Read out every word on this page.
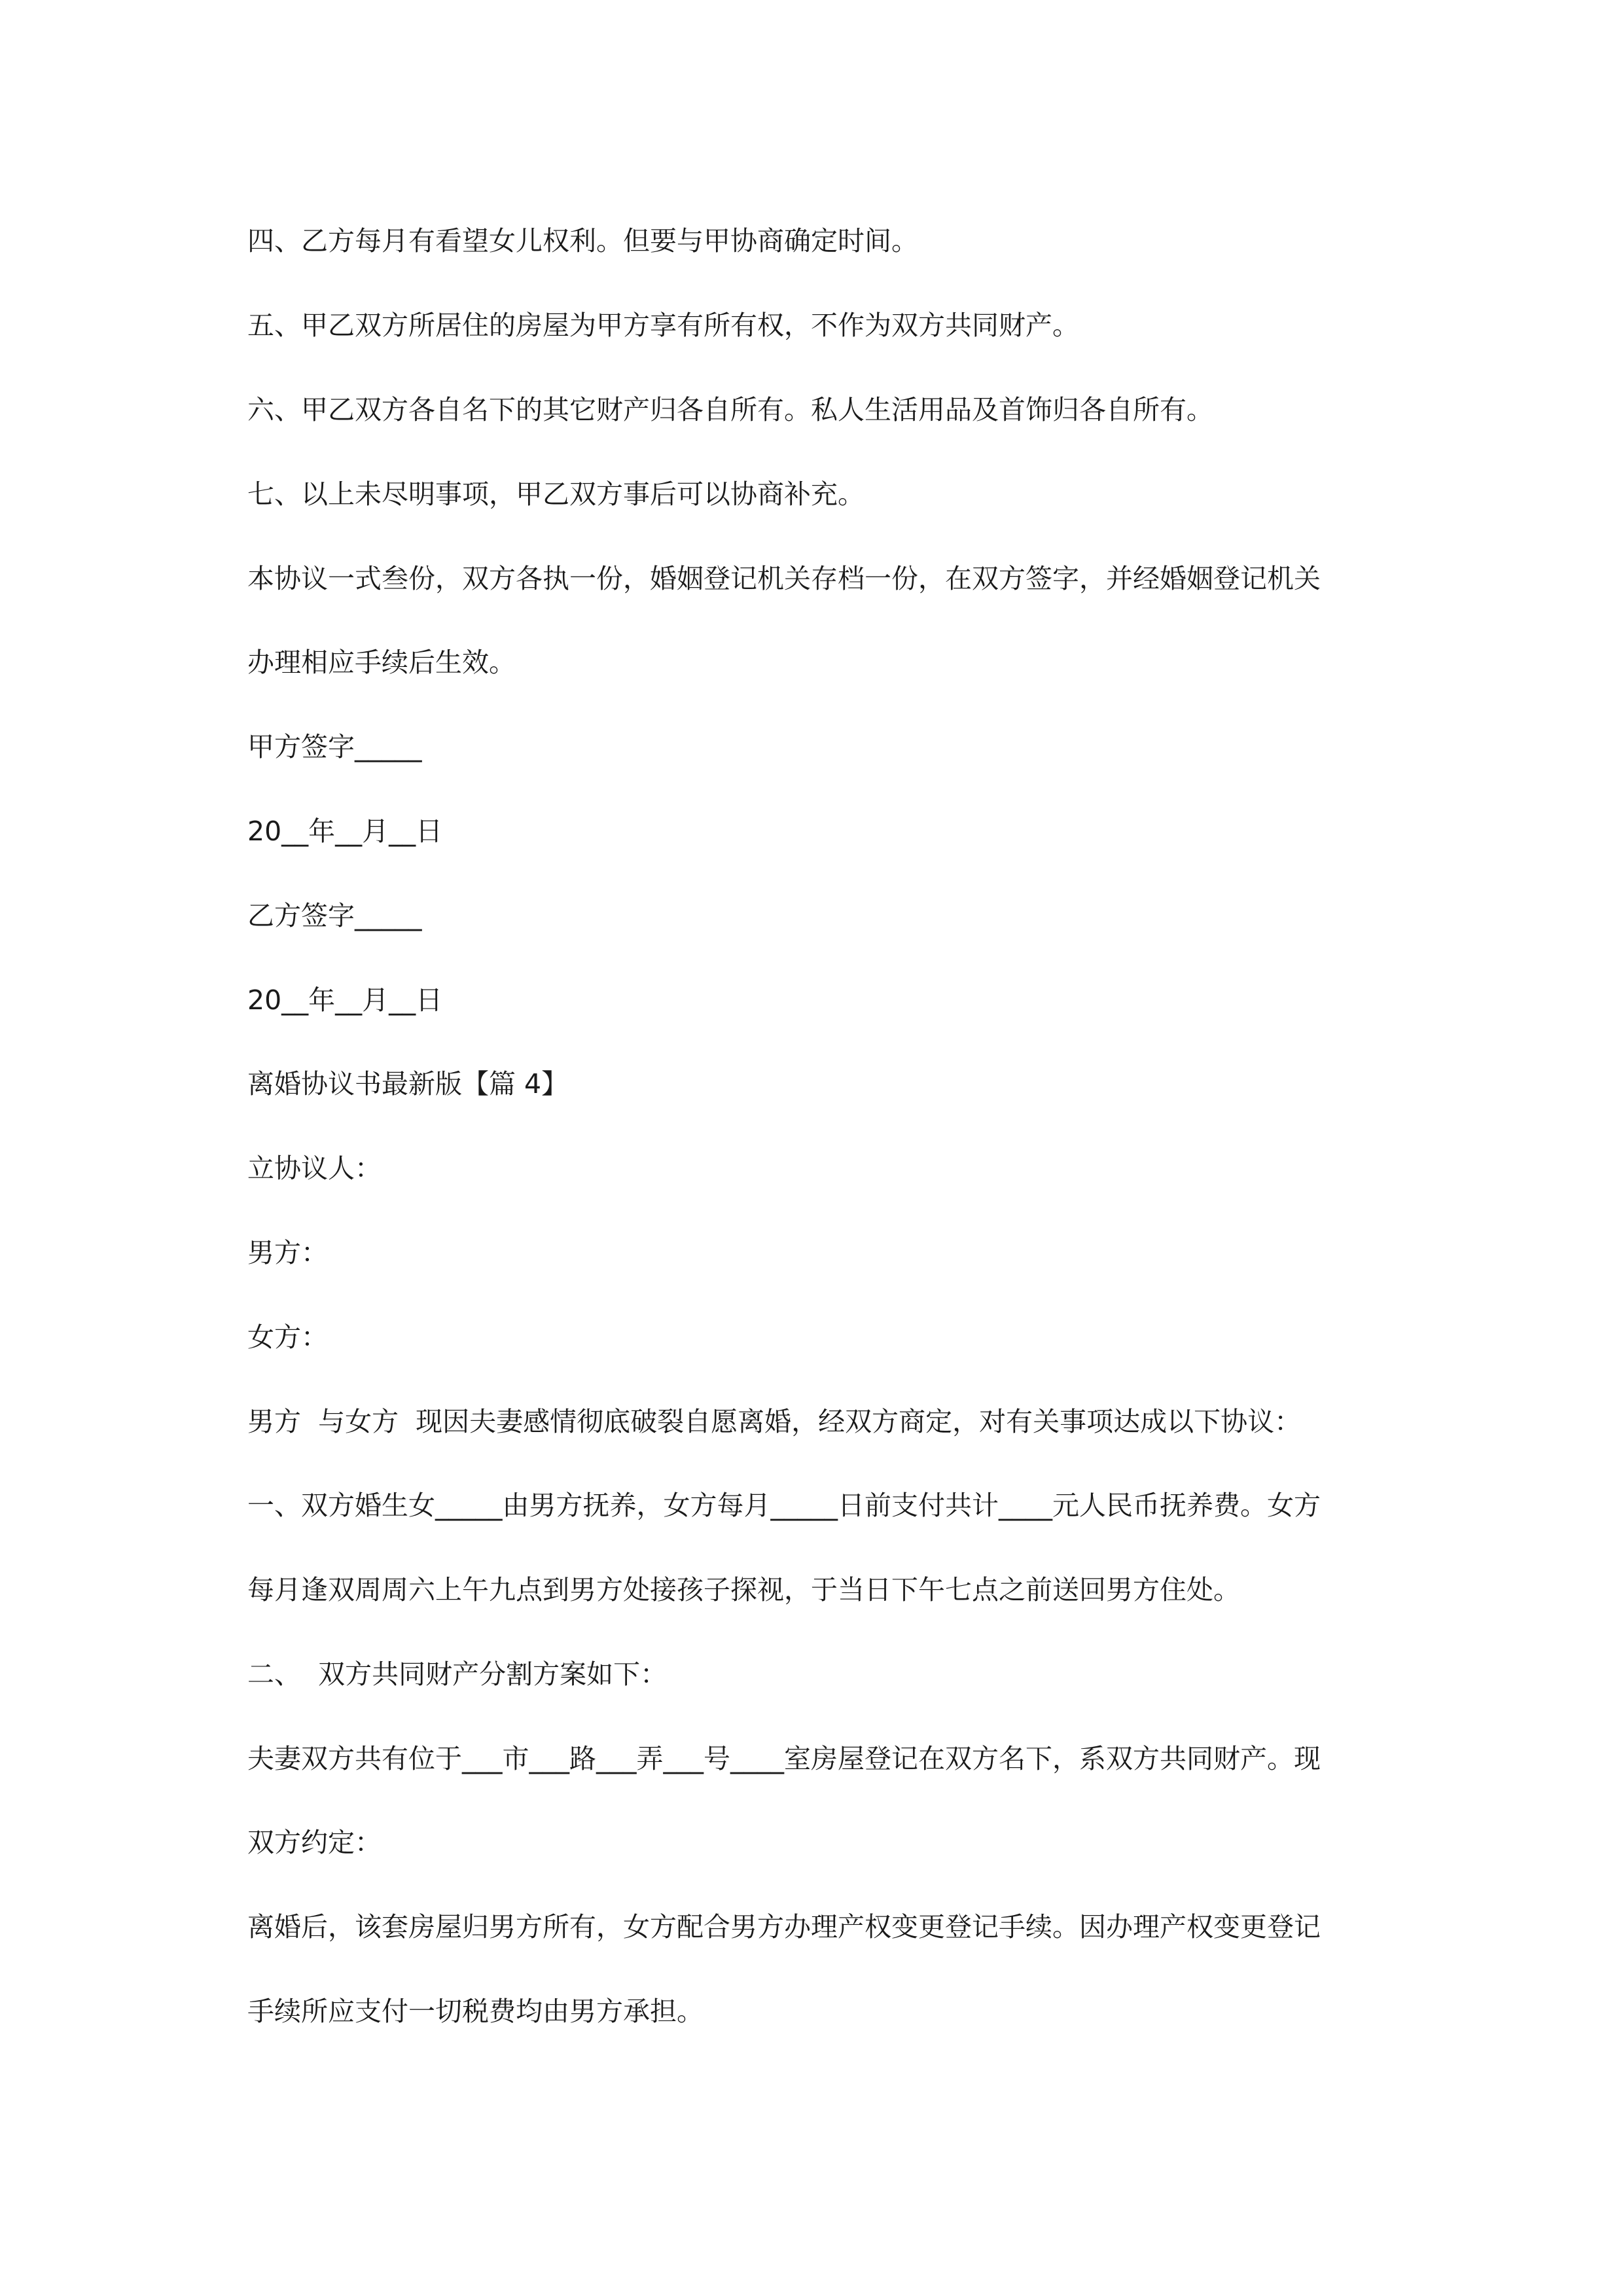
四、乙方每月有看望女儿权利。但要与甲协商确定时间。
五、甲乙双方所居住的房屋为甲方享有所有权，不作为双方共同财产。
六、甲乙双方各自名下的其它财产归各自所有。私人生活用品及首饰归各自所有。
七、以上未尽明事项，甲乙双方事后可以协商补充。
本协议一式叁份，双方各执一份，婚姻登记机关存档一份，在双方签字，并经婚姻登记机关
办理相应手续后生效。
甲方签字_____
20__年__月__日
乙方签字_____
20__年__月__日
离婚协议书最新版【篇 4】
立协议人：
男方：
女方：
男方  与女方  现因夫妻感情彻底破裂自愿离婚，经双方商定，对有关事项达成以下协议：
一、双方婚生女_____由男方抚养，女方每月_____日前支付共计____元人民币抚养费。女方
每月逢双周周六上午九点到男方处接孩子探视，于当日下午七点之前送回男方住处。
二、  双方共同财产分割方案如下：
夫妻双方共有位于___市___路___弄___号____室房屋登记在双方名下，系双方共同财产。现
双方约定：
离婚后，该套房屋归男方所有，女方配合男方办理产权变更登记手续。因办理产权变更登记
手续所应支付一切税费均由男方承担。
